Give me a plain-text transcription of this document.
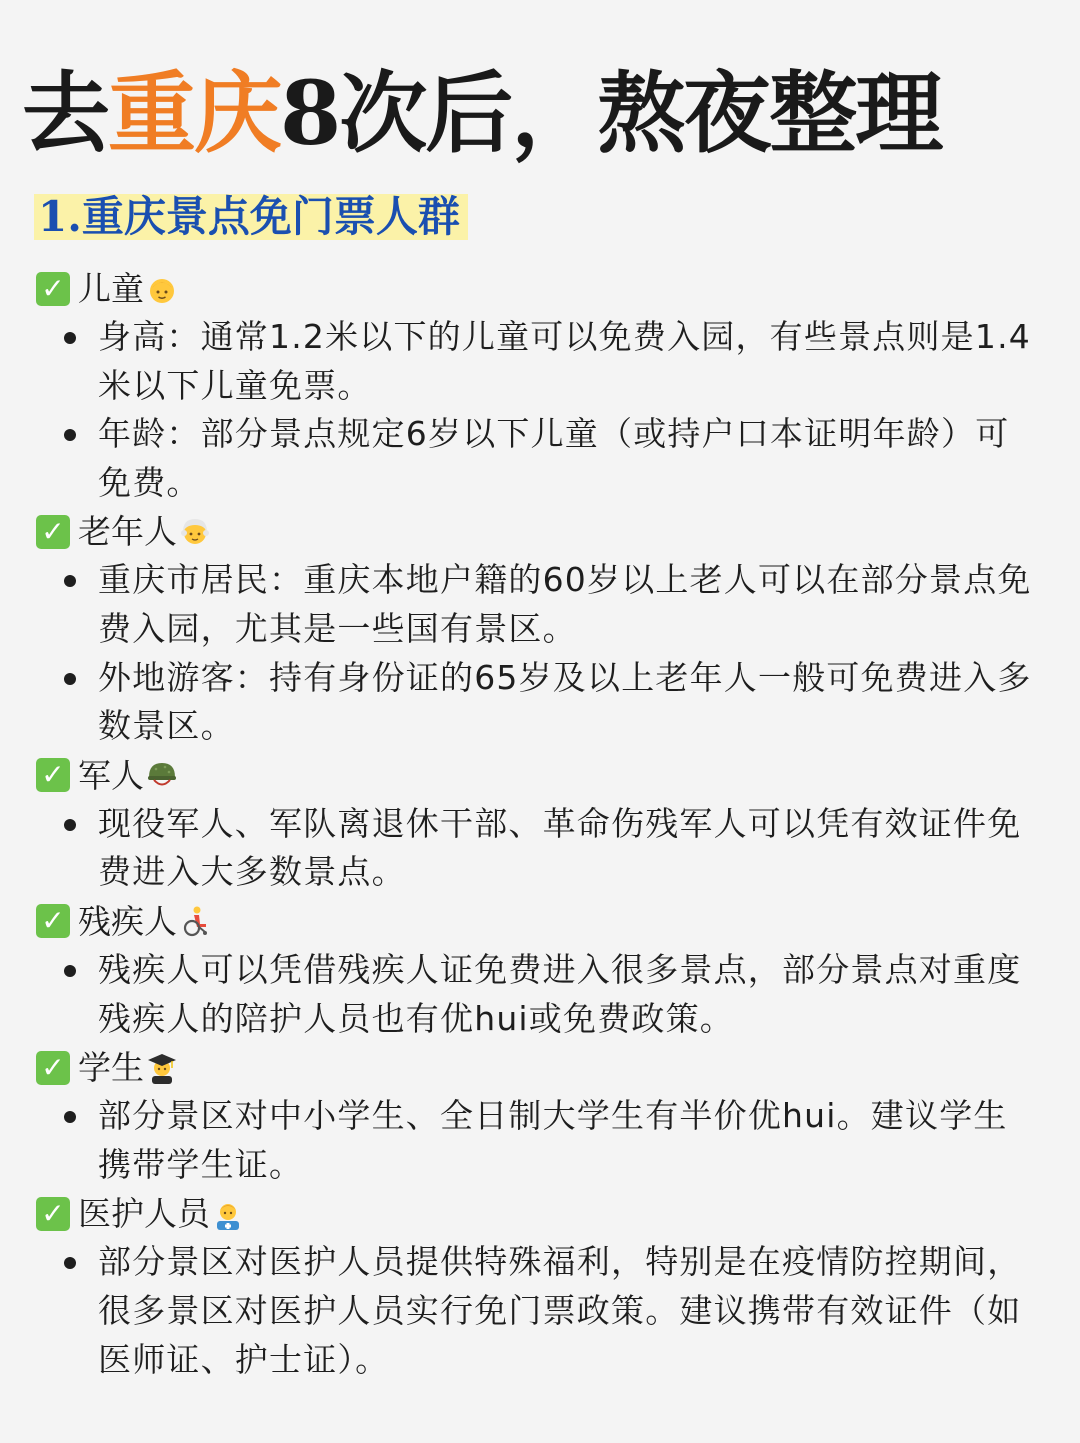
去重庆8次后，熬夜整理
1.重庆景点免门票人群
✓ 儿童
身高：通常1.2米以下的儿童可以免费入园，有些景点则是1.4米以下儿童免票。
年龄：部分景点规定6岁以下儿童（或持户口本证明年龄）可免费。
✓ 老年人
重庆市居民：重庆本地户籍的60岁以上老人可以在部分景点免费入园，尤其是一些国有景区。
外地游客：持有身份证的65岁及以上老年人一般可免费进入多数景区。
✓ 军人
现役军人、军队离退休干部、革命伤残军人可以凭有效证件免费进入大多数景点。
✓ 残疾人
残疾人可以凭借残疾人证免费进入很多景点，部分景点对重度残疾人的陪护人员也有优hui或免费政策。
✓ 学生
部分景区对中小学生、全日制大学生有半价优hui。建议学生携带学生证。
✓ 医护人员
部分景区对医护人员提供特殊福利，特别是在疫情防控期间，很多景区对医护人员实行免门票政策。建议携带有效证件（如医师证、护士证）。
